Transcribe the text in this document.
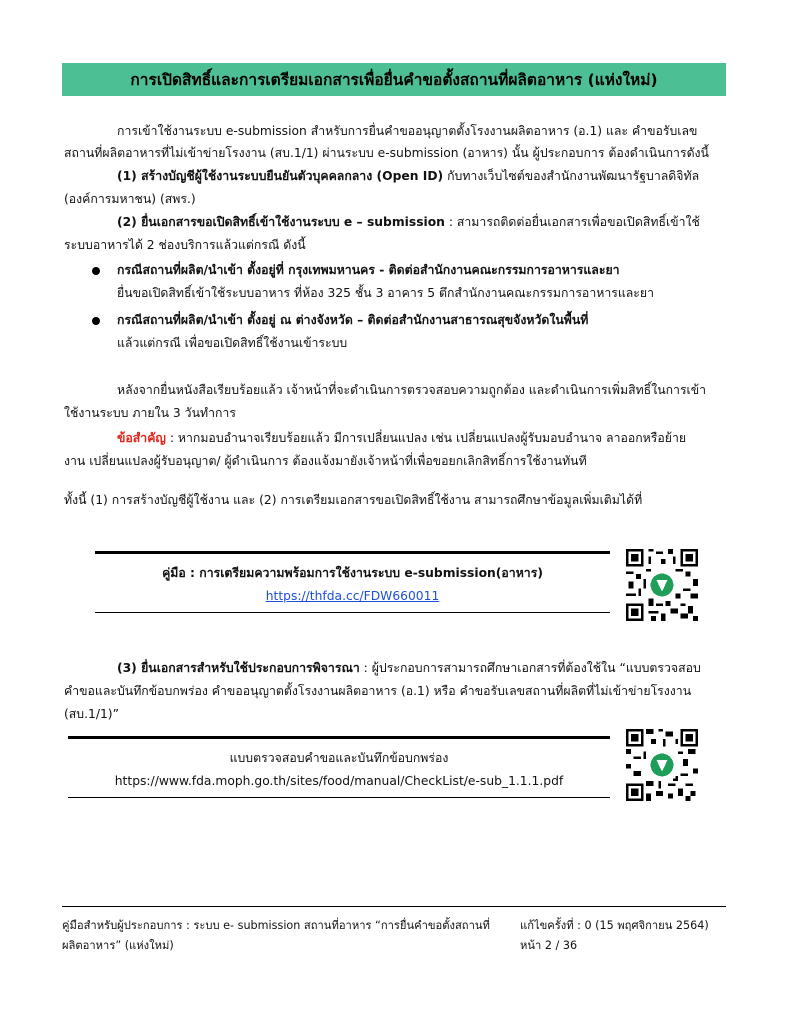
การเปิดสิทธิ์และการเตรียมเอกสารเพื่อยื่นคำขอตั้งสถานที่ผลิตอาหาร (แห่งใหม่)
การเข้าใช้งานระบบ e-submission สำหรับการยื่นคำขออนุญาตตั้งโรงงานผลิตอาหาร (อ.1) และ คำขอรับเลข
สถานที่ผลิตอาหารที่ไม่เข้าข่ายโรงงาน (สบ.1/1) ผ่านระบบ e-submission (อาหาร) นั้น ผู้ประกอบการ ต้องดำเนินการดังนี้
(1) สร้างบัญชีผู้ใช้งานระบบยืนยันตัวบุคคลกลาง (Open ID) กับทางเว็บไซต์ของสำนักงานพัฒนารัฐบาลดิจิทัล
(องค์การมหาชน) (สพร.)
(2) ยื่นเอกสารขอเปิดสิทธิ์เข้าใช้งานระบบ e – submission : สามารถติดต่อยื่นเอกสารเพื่อขอเปิดสิทธิ์เข้าใช้
ระบบอาหารได้ 2 ช่องบริการแล้วแต่กรณี ดังนี้
กรณีสถานที่ผลิต/นำเข้า ตั้งอยู่ที่ กรุงเทพมหานคร - ติดต่อสำนักงานคณะกรรมการอาหารและยา
ยื่นขอเปิดสิทธิ์เข้าใช้ระบบอาหาร ที่ห้อง 325 ชั้น 3 อาคาร 5 ตึกสำนักงานคณะกรรมการอาหารและยา
กรณีสถานที่ผลิต/นำเข้า ตั้งอยู่ ณ ต่างจังหวัด – ติดต่อสำนักงานสาธารณสุขจังหวัดในพื้นที่
แล้วแต่กรณี เพื่อขอเปิดสิทธิ์ใช้งานเข้าระบบ
หลังจากยื่นหนังสือเรียบร้อยแล้ว เจ้าหน้าที่จะดำเนินการตรวจสอบความถูกต้อง และดำเนินการเพิ่มสิทธิ์ในการเข้า
ใช้งานระบบ ภายใน 3 วันทำการ
ข้อสำคัญ : หากมอบอำนาจเรียบร้อยแล้ว มีการเปลี่ยนแปลง เช่น เปลี่ยนแปลงผู้รับมอบอำนาจ ลาออกหรือย้าย
งาน เปลี่ยนแปลงผู้รับอนุญาต/ ผู้ดำเนินการ ต้องแจ้งมายังเจ้าหน้าที่เพื่อขอยกเลิกสิทธิ์การใช้งานทันที
ทั้งนี้ (1) การสร้างบัญชีผู้ใช้งาน และ (2) การเตรียมเอกสารขอเปิดสิทธิ์ใช้งาน สามารถศึกษาข้อมูลเพิ่มเติมได้ที่
คู่มือ : การเตรียมความพร้อมการใช้งานระบบ e-submission(อาหาร)
https://thfda.cc/FDW660011
(3) ยื่นเอกสารสำหรับใช้ประกอบการพิจารณา : ผู้ประกอบการสามารถศึกษาเอกสารที่ต้องใช้ใน “แบบตรวจสอบ
คำขอและบันทึกข้อบกพร่อง คำขออนุญาตตั้งโรงงานผลิตอาหาร (อ.1) หรือ คำขอรับเลขสถานที่ผลิตที่ไม่เข้าข่ายโรงงาน
(สบ.1/1)”
แบบตรวจสอบคำขอและบันทึกข้อบกพร่อง
https://www.fda.moph.go.th/sites/food/manual/CheckList/e-sub_1.1.1.pdf
คู่มือสำหรับผู้ประกอบการ : ระบบ e- submission สถานที่อาหาร “การยื่นคำขอตั้งสถานที่
ผลิตอาหาร” (แห่งใหม่)
แก้ไขครั้งที่ : 0 (15 พฤศจิกายน 2564)
หน้า 2 / 36
